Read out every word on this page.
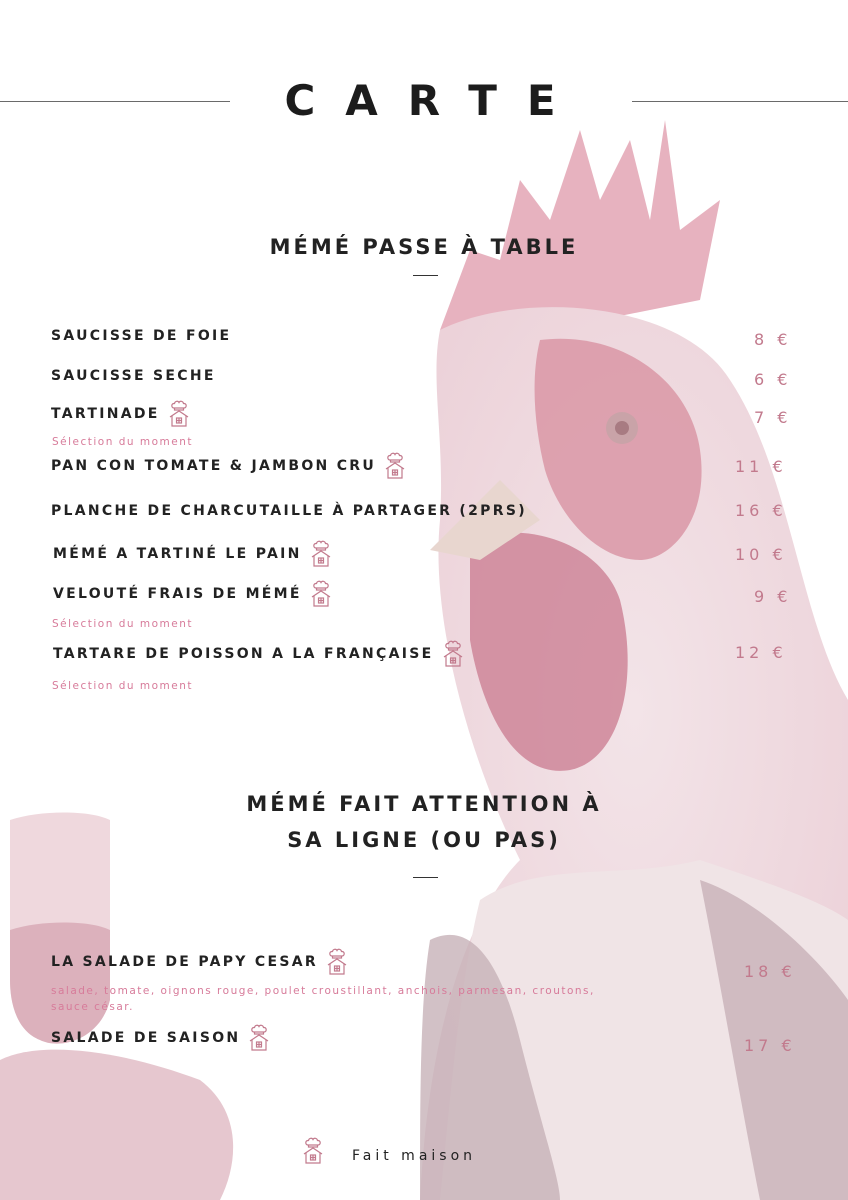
CARTE
MÉMÉ PASSE À TABLE
SAUCISSE DE FOIE	8 €
SAUCISSE SECHE	6 €
TARTINADE	7 €
Sélection du moment
PAN CON TOMATE & JAMBON CRU	11 €
PLANCHE DE CHARCUTAILLE À PARTAGER (2PRS)	16 €
MÉMÉ A TARTINÉ LE PAIN	10 €
VELOUTÉ FRAIS DE MÉMÉ	9 €
Sélection du moment
TARTARE DE POISSON A LA FRANÇAISE	12 €
Sélection du moment
MÉMÉ FAIT ATTENTION À
SA LIGNE (OU PAS)
LA SALADE DE PAPY CESAR	18 €
salade, tomate, oignons rouge, poulet croustillant, anchois, parmesan, croutons, sauce césar.
SALADE DE SAISON	17 €
Fait maison
